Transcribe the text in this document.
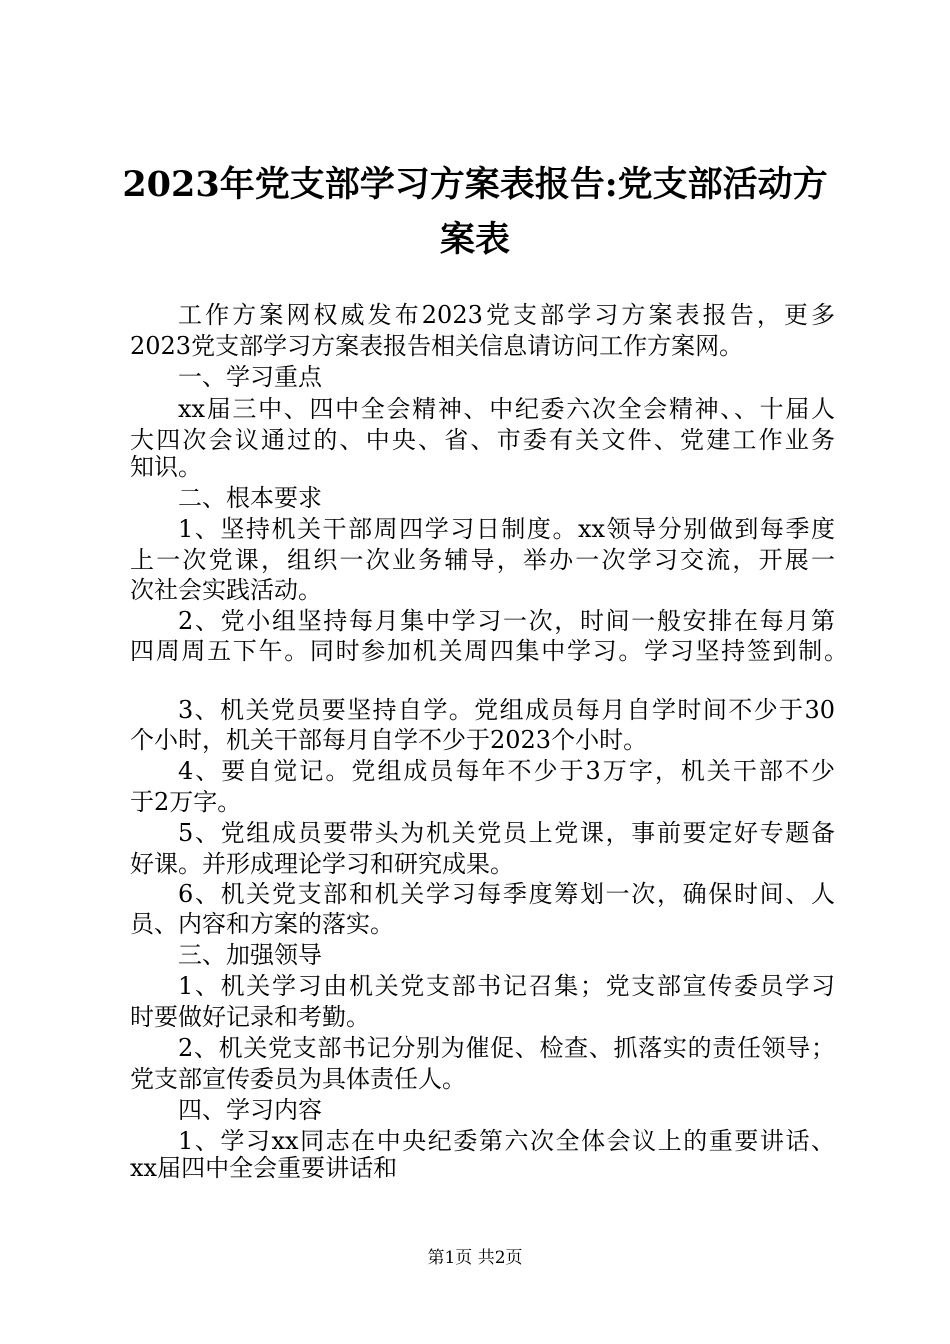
2023年党支部学习方案表报告:党支部活动方
案表
工作方案网权威发布2023党支部学习方案表报告，更多
2023党支部学习方案表报告相关信息请访问工作方案网。
一、学习重点
xx届三中、四中全会精神、中纪委六次全会精神、、十届人
大四次会议通过的、中央、省、市委有关文件、党建工作业务
知识。
二、根本要求
1、坚持机关干部周四学习日制度。xx领导分别做到每季度
上一次党课，组织一次业务辅导，举办一次学习交流，开展一
次社会实践活动。
2、党小组坚持每月集中学习一次，时间一般安排在每月第
四周周五下午。同时参加机关周四集中学习。学习坚持签到制。
3、机关党员要坚持自学。党组成员每月自学时间不少于30
个小时，机关干部每月自学不少于2023个小时。
4、要自觉记。党组成员每年不少于3万字，机关干部不少
于2万字。
5、党组成员要带头为机关党员上党课，事前要定好专题备
好课。并形成理论学习和研究成果。
6、机关党支部和机关学习每季度筹划一次，确保时间、人
员、内容和方案的落实。
三、加强领导
1、机关学习由机关党支部书记召集；党支部宣传委员学习
时要做好记录和考勤。
2、机关党支部书记分别为催促、检查、抓落实的责任领导；
党支部宣传委员为具体责任人。
四、学习内容
1、学习xx同志在中央纪委第六次全体会议上的重要讲话、
xx届四中全会重要讲话和
第1页 共2页
